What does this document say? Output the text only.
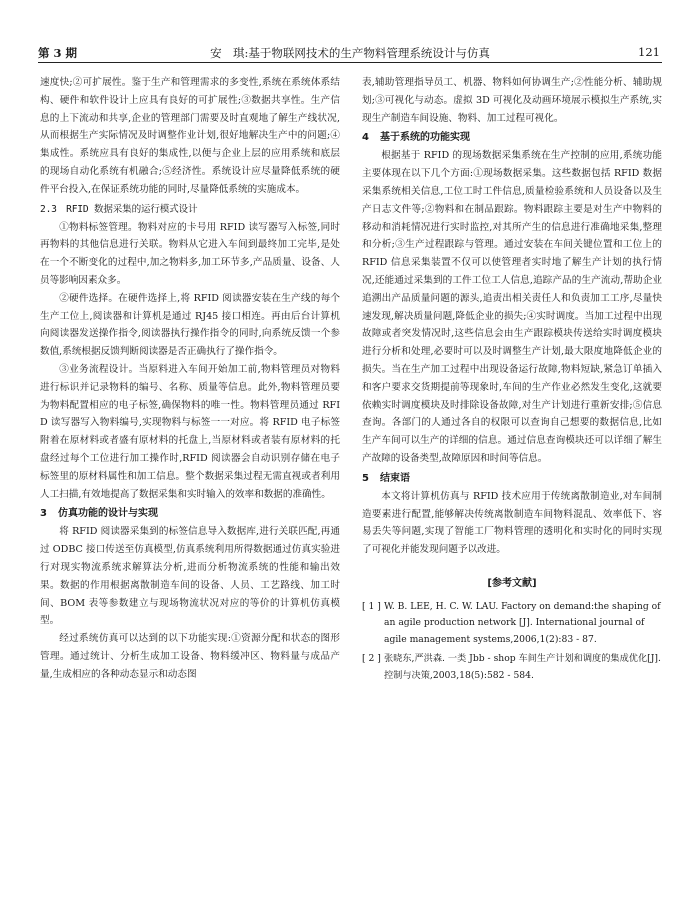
第 3 期	安　琪:基于物联网技术的生产物料管理系统设计与仿真	121

速度快;②可扩展性。鉴于生产和管理需求的多变性,系统在系统体系结构、硬件和软件设计上应具有良好的可扩展性;③数据共享性。生产信息的上下流动和共享,企业的管理部门需要及时直观地了解生产线状况,从而根据生产实际情况及时调整作业计划,很好地解决生产中的问题;④集成性。系统应具有良好的集成性,以便与企业上层的应用系统和底层的现场自动化系统有机融合;⑤经济性。系统设计应尽量降低系统的硬件平台投入,在保证系统功能的同时,尽量降低系统的实施成本。

2.3　RFID 数据采集的运行模式设计

①物料标签管理。物料对应的卡号用 RFID 读写器写入标签,同时再物料的其他信息进行关联。物料从它进入车间到最终加工完毕,是处在一个不断变化的过程中,加之物料多,加工环节多,产品质量、设备、人员等影响因素众多。

②硬件选择。在硬件选择上,将 RFID 阅读器安装在生产线的每个生产工位上,阅读器和计算机是通过 RJ45 接口相连。再由后台计算机向阅读器发送操作指令,阅读器执行操作指令的同时,向系统反馈一个参数值,系统根据反馈判断阅读器是否正确执行了操作指令。

③业务流程设计。当原料进入车间开始加工前,物料管理员对物料进行标识并记录物料的编号、名称、质量等信息。此外,物料管理员要为物料配置相应的电子标签,确保物料的唯一性。物料管理员通过 RFID 读写器写入物料编号,实现物料与标签一一对应。将 RFID 电子标签附着在原材料或者盛有原材料的托盘上,当原材料或者装有原材料的托盘经过每个工位进行加工操作时,RFID 阅读器会自动识别存储在电子标签里的原材料属性和加工信息。整个数据采集过程无需直视或者利用人工扫描,有效地提高了数据采集和实时输入的效率和数据的准确性。

3 仿真功能的设计与实现

将 RFID 阅读器采集到的标签信息导入数据库,进行关联匹配,再通过 ODBC 接口传送至仿真模型,仿真系统利用所得数据通过仿真实验进行对现实物流系统求解算法分析,进而分析物流系统的性能和输出效果。数据的作用根据离散制造车间的设备、人员、工艺路线、加工时间、BOM 表等参数建立与现场物流状况对应的等价的计算机仿真模型。

经过系统仿真可以达到的以下功能实现:①资源分配和状态的图形管理。通过统计、分析生成加工设备、物料缓冲区、物料量与成品产量,生成相应的各种动态显示和动态图

表,辅助管理指导员工、机器、物料如何协调生产;②性能分析、辅助规划;③可视化与动态。虚拟 3D 可视化及动画环境展示模拟生产系统,实现生产制造车间设施、物料、加工过程可视化。

4 基于系统的功能实现

根据基于 RFID 的现场数据采集系统在生产控制的应用,系统功能主要体现在以下几个方面:①现场数据采集。这些数据包括 RFID 数据采集系统相关信息,工位工时工件信息,质量检验系统和人员设备以及生产日志文件等;②物料和在制品跟踪。物料跟踪主要是对生产中物料的移动和消耗情况进行实时监控,对其所产生的信息进行准确地采集,整理和分析;③生产过程跟踪与管理。通过安装在车间关键位置和工位上的 RFID 信息采集装置不仅可以使管理者实时地了解生产计划的执行情况,还能通过采集到的工件工位工人信息,追踪产品的生产流动,帮助企业追溯出产品质量问题的源头,追责出相关责任人和负责加工工序,尽量快速发现,解决质量问题,降低企业的损失;④实时调度。当加工过程中出现故障或者突发情况时,这些信息会由生产跟踪模块传送给实时调度模块进行分析和处理,必要时可以及时调整生产计划,最大限度地降低企业的损失。当在生产加工过程中出现设备运行故障,物料短缺,紧急订单插入和客户要求交货期提前等现象时,车间的生产作业必然发生变化,这就要依赖实时调度模块及时排除设备故障,对生产计划进行重新安排;⑤信息查询。各部门的人通过各自的权限可以查询自己想要的数据信息,比如生产车间可以生产的详细的信息。通过信息查询模块还可以详细了解生产故障的设备类型,故障原因和时间等信息。

5 结束语

本文将计算机仿真与 RFID 技术应用于传统离散制造业,对车间制造要素进行配置,能够解决传统离散制造车间物料混乱、效率低下、容易丢失等问题,实现了智能工厂物料管理的透明化和实时化的同时实现了可视化并能发现问题予以改进。

[参考文献]
[ 1 ] W. B. LEE, H. C. W. LAU. Factory on demand:the shaping of an agile production network [J]. International journal of agile management systems,2006,1(2):83 - 87.
[ 2 ] 张晓东,严洪森. 一类 Jbb - shop 车间生产计划和调度的集成优化[J]. 控制与决策,2003,18(5):582 - 584.
